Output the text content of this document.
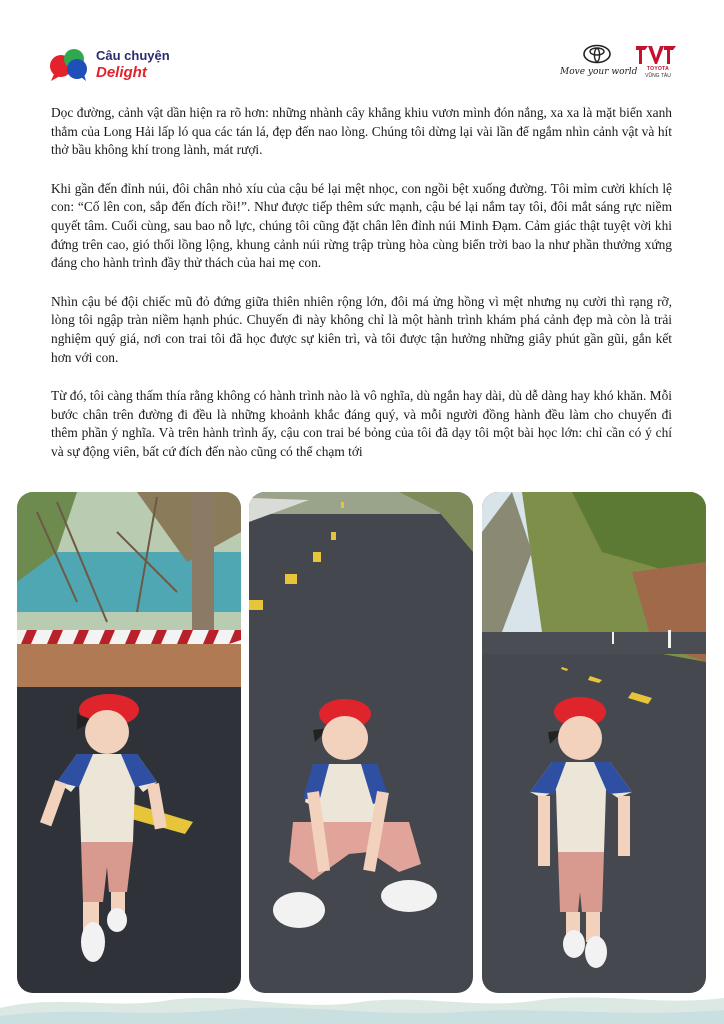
Câu chuyện
Delight	Move your world	TOYOTA
VŨNG TÀU

Dọc đường, cảnh vật dần hiện ra rõ hơn: những nhành cây khẳng khiu vươn mình đón nắng, xa xa là mặt biển xanh thẳm của Long Hải lấp ló qua các tán lá, đẹp đến nao lòng. Chúng tôi dừng lại vài lần để ngắm nhìn cảnh vật và hít thở bầu không khí trong lành, mát rượi.

Khi gần đến đỉnh núi, đôi chân nhỏ xíu của cậu bé lại mệt nhọc, con ngồi bệt xuống đường. Tôi mỉm cười khích lệ con: “Cố lên con, sắp đến đích rồi!”. Như được tiếp thêm sức mạnh, cậu bé lại nắm tay tôi, đôi mắt sáng rực niềm quyết tâm. Cuối cùng, sau bao nỗ lực, chúng tôi cũng đặt chân lên đỉnh núi Minh Đạm. Cảm giác thật tuyệt vời khi đứng trên cao, gió thổi lồng lộng, khung cảnh núi rừng trập trùng hòa cùng biển trời bao la như phần thưởng xứng đáng cho hành trình đầy thử thách của hai mẹ con.

Nhìn cậu bé đội chiếc mũ đỏ đứng giữa thiên nhiên rộng lớn, đôi má ửng hồng vì mệt nhưng nụ cười thì rạng rỡ, lòng tôi ngập tràn niềm hạnh phúc. Chuyến đi này không chỉ là một hành trình khám phá cảnh đẹp mà còn là trải nghiệm quý giá, nơi con trai tôi đã học được sự kiên trì, và tôi được tận hưởng những giây phút gần gũi, gắn kết hơn với con.

Từ đó, tôi càng thấm thía rằng không có hành trình nào là vô nghĩa, dù ngắn hay dài, dù dễ dàng hay khó khăn. Mỗi bước chân trên đường đi đều là những khoảnh khắc đáng quý, và mỗi người đồng hành đều làm cho chuyến đi thêm phần ý nghĩa. Và trên hành trình ấy, cậu con trai bé bỏng của tôi đã dạy tôi một bài học lớn: chỉ cần có ý chí và sự động viên, bất cứ đích đến nào cũng có thể chạm tới
